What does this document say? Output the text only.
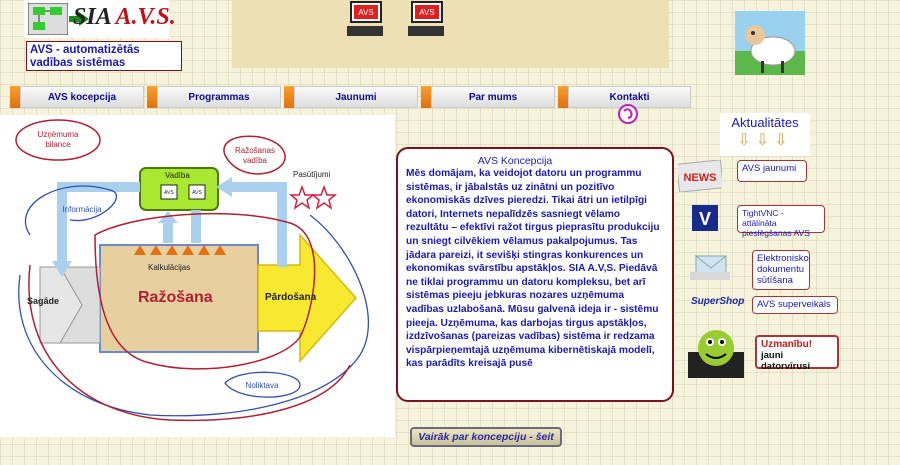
SIA A.V.S.
AVS - automatizētās vadības sistēmas
AVS	AVS
AVS kocepcija	Programmas	Jaunumi	Par mums	Kontakti
Uzņēmuma
bilance
Ražošanas
vadība
Vadība
AVS	AVS
Pasūtījumi
Informācija
Kalkulācijas
Ražošana	Pārdošana
Sagāde
Noliktava
AVS Koncepcija
Mēs domājam, ka veidojot datoru un programmu sistēmas, ir jābalstās uz zinātni un pozitīvo ekonomiskās dzīves pieredzi. Tikai ātri un ietilpīgi datori, Internets nepalīdzēs sasniegt vēlamo rezultātu – efektīvi ražot tirgus pieprasītu produkciju un sniegt cilvēkiem vēlamus pakalpojumus. Tas jādara pareizi, it sevišķi stingras konkurences un ekonomikas svārstību apstākļos. SIA A.V,S. Piedāvā ne tiklai programmu un datoru kompleksu, bet arī sistēmas pieeju jebkuras nozares uzņēmuma vadības uzlabošanā. Mūsu galvenā ideja ir - sistēmu pieeja. Uzņēmuma, kas darbojas tirgus apstākļos, izdzīvošanas (pareizas vadības) sistēma ir redzama vispārpieņemtajā uzņēmuma kibernētiskajā modelī, kas parādīts kreisajā pusē
Vairāk par koncepciju - šeit
Aktualitātes
⇩⇩⇩
NEWS
AVS jaunumi
V	TightVNC - attālināta pieslēgšanas AVS
Elektronisko dokumentu sūtīšana
SuperShop	AVS superveikals
Uzmanību!
jauni datorvīrusi
